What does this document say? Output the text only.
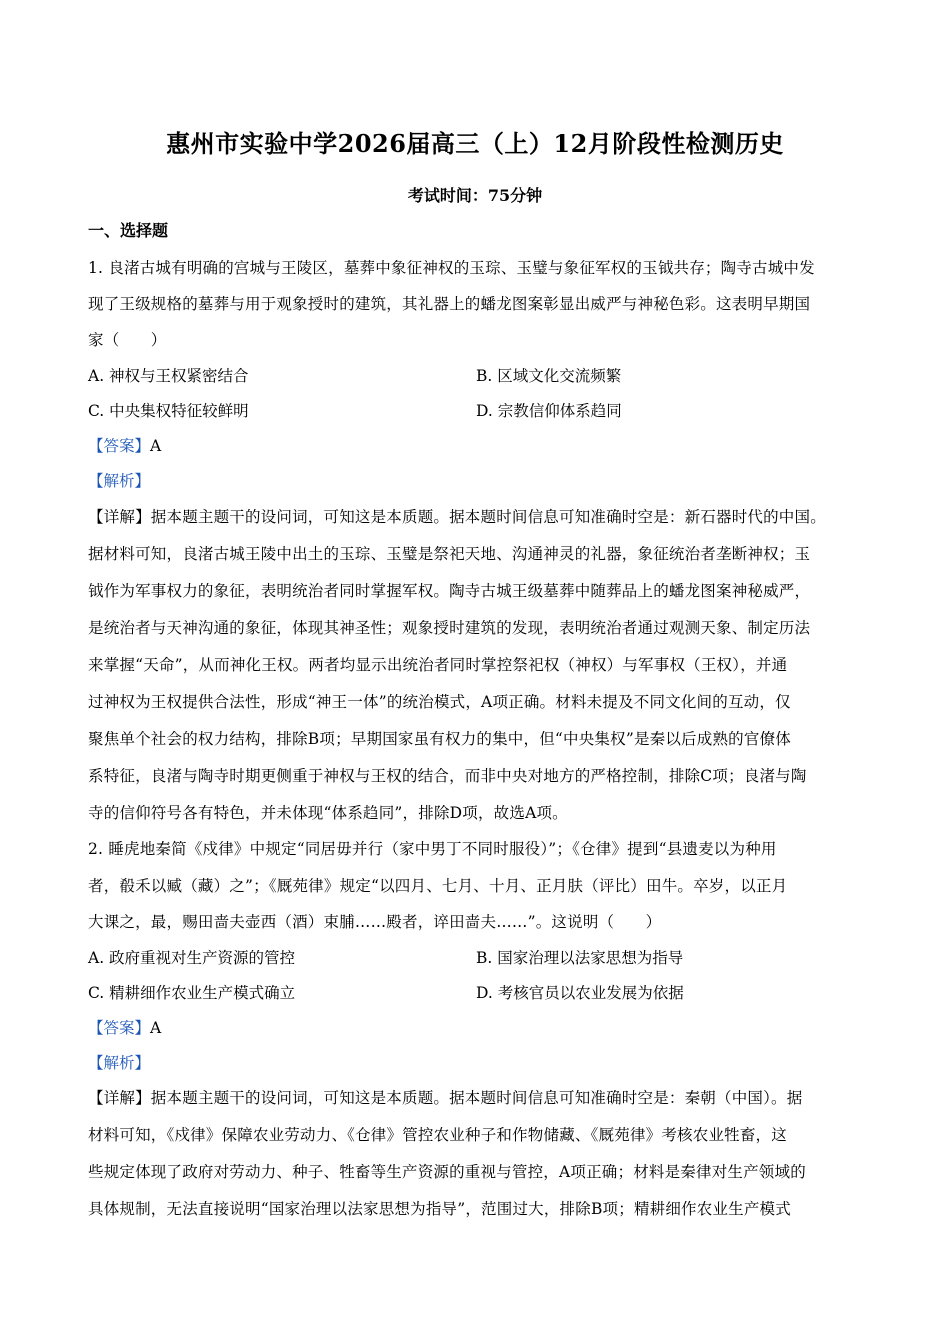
惠州市实验中学2026届高三（上）12月阶段性检测历史
考试时间：75分钟
一、选择题
1. 良渚古城有明确的宫城与王陵区，墓葬中象征神权的玉琮、玉璧与象征军权的玉钺共存；陶寺古城中发
现了王级规格的墓葬与用于观象授时的建筑，其礼器上的蟠龙图案彰显出威严与神秘色彩。这表明早期国
家（　　）
A. 神权与王权紧密结合	B. 区域文化交流频繁
C. 中央集权特征较鲜明	D. 宗教信仰体系趋同
【答案】A
【解析】
【详解】据本题主题干的设问词，可知这是本质题。据本题时间信息可知准确时空是：新石器时代的中国。
据材料可知，良渚古城王陵中出土的玉琮、玉璧是祭祀天地、沟通神灵的礼器，象征统治者垄断神权；玉
钺作为军事权力的象征，表明统治者同时掌握军权。陶寺古城王级墓葬中随葬品上的蟠龙图案神秘威严，
是统治者与天神沟通的象征，体现其神圣性；观象授时建筑的发现，表明统治者通过观测天象、制定历法
来掌握“天命”，从而神化王权。两者均显示出统治者同时掌控祭祀权（神权）与军事权（王权），并通
过神权为王权提供合法性，形成“神王一体”的统治模式，A项正确。材料未提及不同文化间的互动，仅
聚焦单个社会的权力结构，排除B项；早期国家虽有权力的集中，但“中央集权”是秦以后成熟的官僚体
系特征，良渚与陶寺时期更侧重于神权与王权的结合，而非中央对地方的严格控制，排除C项；良渚与陶
寺的信仰符号各有特色，并未体现“体系趋同”，排除D项，故选A项。
2. 睡虎地秦简《戍律》中规定“同居毋并行（家中男丁不同时服役）”；《仓律》提到“县遗麦以为种用
者，殽禾以臧（藏）之”；《厩苑律》规定“以四月、七月、十月、正月肤（评比）田牛。卒岁，以正月
大课之，最，赐田啬夫壶西（酒）束脯……殿者，谇田啬夫……”。这说明（　　）
A. 政府重视对生产资源的管控	B. 国家治理以法家思想为指导
C. 精耕细作农业生产模式确立	D. 考核官员以农业发展为依据
【答案】A
【解析】
【详解】据本题主题干的设问词，可知这是本质题。据本题时间信息可知准确时空是：秦朝（中国）。据
材料可知，《戍律》保障农业劳动力、《仓律》管控农业种子和作物储藏、《厩苑律》考核农业牲畜，这
些规定体现了政府对劳动力、种子、牲畜等生产资源的重视与管控，A项正确；材料是秦律对生产领域的
具体规制，无法直接说明“国家治理以法家思想为指导”，范围过大，排除B项；精耕细作农业生产模式
